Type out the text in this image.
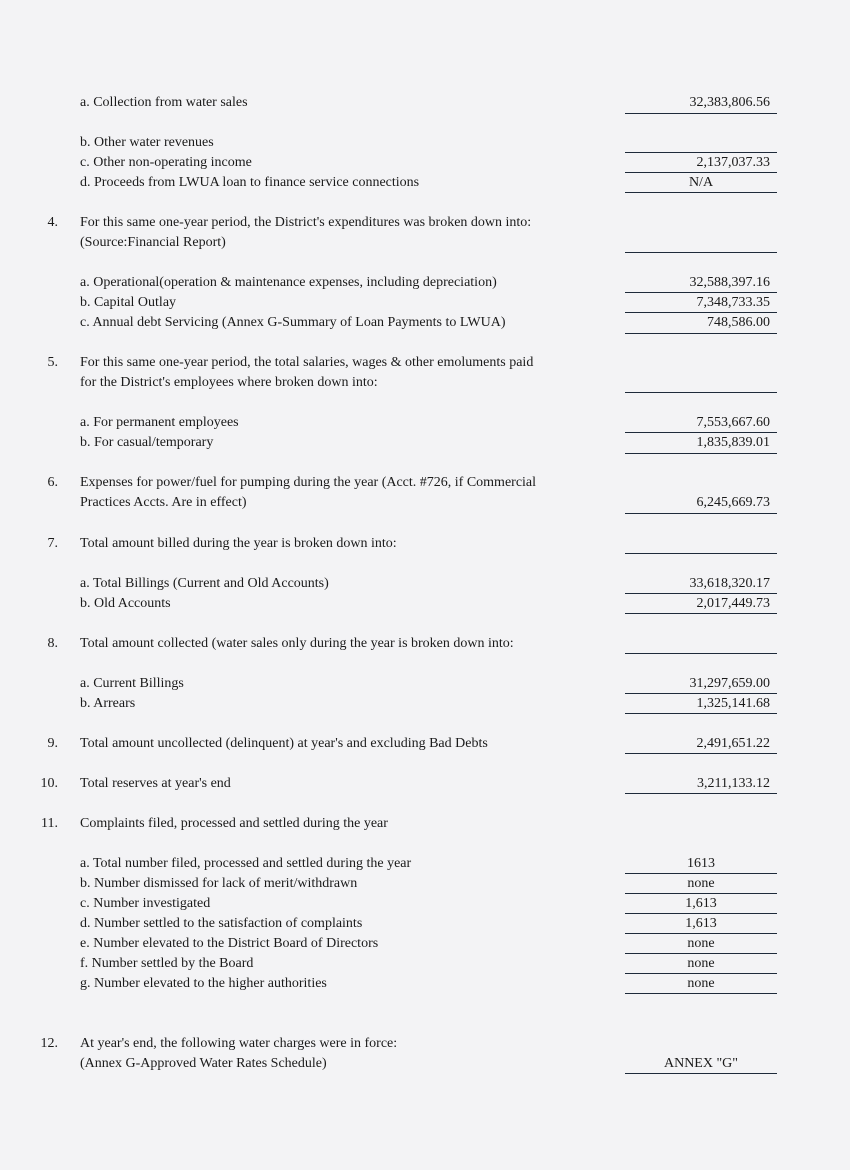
a. Collection from water sales	32,383,806.56
b. Other water revenues
c. Other non-operating income	2,137,037.33
d. Proceeds from LWUA loan to finance service connections	N/A
4. For this same one-year period, the District's expenditures was broken down into:
(Source:Financial Report)
a. Operational(operation & maintenance expenses, including depreciation)	32,588,397.16
b. Capital Outlay	7,348,733.35
c. Annual debt Servicing (Annex G-Summary of Loan Payments to LWUA)	748,586.00
5. For this same one-year period, the total salaries, wages & other emoluments paid
for the District's employees where broken down into:
a. For permanent employees	7,553,667.60
b. For casual/temporary	1,835,839.01
6. Expenses for power/fuel for pumping during the year (Acct. #726, if Commercial
Practices Accts. Are in effect)	6,245,669.73
7. Total amount billed during the year is broken down into:
a. Total Billings (Current and Old Accounts)	33,618,320.17
b. Old Accounts	2,017,449.73
8. Total amount collected (water sales only during the year is broken down into:
a. Current Billings	31,297,659.00
b. Arrears	1,325,141.68
9. Total amount uncollected (delinquent) at year's and excluding Bad Debts	2,491,651.22
10. Total reserves at year's end	3,211,133.12
11. Complaints filed, processed and settled during the year
a. Total number filed, processed and settled during the year	1613
b. Number dismissed for lack of merit/withdrawn	none
c. Number investigated	1,613
d. Number settled to the satisfaction of complaints	1,613
e. Number elevated to the District Board of Directors	none
f. Number settled by the Board	none
g. Number elevated to the higher authorities	none
12. At year's end, the following water charges were in force:
(Annex G-Approved Water Rates Schedule)	ANNEX "G"
